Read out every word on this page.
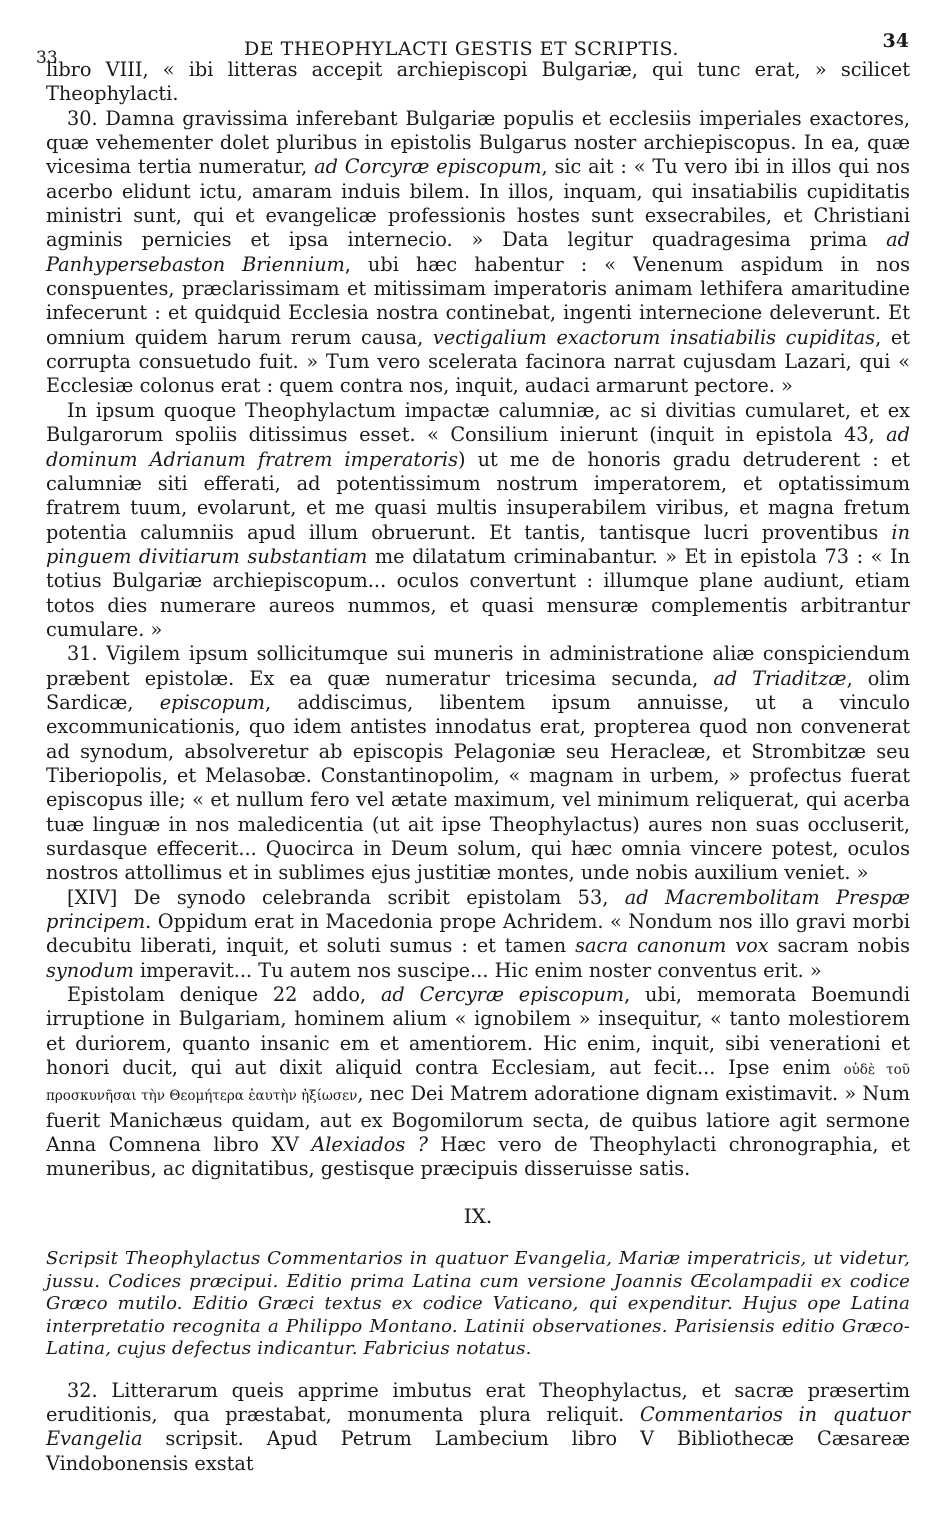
33	DE THEOPHYLACTI GESTIS ET SCRIPTIS.	34

libro VIII, « ibi litteras accepit archiepiscopi Bulgariæ, qui tunc erat, » scilicet Theophylacti.

30. Damna gravissima inferebant Bulgariæ populis et ecclesiis imperiales exactores, quæ vehementer dolet pluribus in epistolis Bulgarus noster archiepiscopus. In ea, quæ vicesima tertia numeratur, ad Corcyræ episcopum, sic ait : « Tu vero ibi in illos qui nos acerbo elidunt ictu, amaram induis bilem. In illos, inquam, qui insatiabilis cupiditatis ministri sunt, qui et evangelicæ professionis hostes sunt exsecrabiles, et Christiani agminis pernicies et ipsa internecio. » Data legitur quadragesima prima ad Panhypersebaston Briennium, ubi hæc habentur : « Venenum aspidum in nos conspuentes, præclarissimam et mitissimam imperatoris animam lethifera amaritudine infecerunt : et quidquid Ecclesia nostra continebat, ingenti internecione deleverunt. Et omnium quidem harum rerum causa, vectigalium exactorum insatiabilis cupiditas, et corrupta consuetudo fuit. » Tum vero scelerata facinora narrat cujusdam Lazari, qui « Ecclesiæ colonus erat : quem contra nos, inquit, audaci armarunt pectore. »

In ipsum quoque Theophylactum impactæ calumniæ, ac si divitias cumularet, et ex Bulgarorum spoliis ditissimus esset. « Consilium inierunt (inquit in epistola 43, ad dominum Adrianum fratrem imperatoris) ut me de honoris gradu detruderent : et calumniæ siti efferati, ad potentissimum nostrum imperatorem, et optatissimum fratrem tuum, evolarunt, et me quasi multis insuperabilem viribus, et magna fretum potentia calumniis apud illum obruerunt. Et tantis, tantisque lucri proventibus in pinguem divitiarum substantiam me dilatatum criminabantur. » Et in epistola 73 : « In totius Bulgariæ archiepiscopum... oculos convertunt : illumque plane audiunt, etiam totos dies numerare aureos nummos, et quasi mensuræ complementis arbitrantur cumulare. »

31. Vigilem ipsum sollicitumque sui muneris in administratione aliæ conspiciendum præbent epistolæ. Ex ea quæ numeratur tricesima secunda, ad Triaditzæ, olim Sardicæ, episcopum, addiscimus, libentem ipsum annuisse, ut a vinculo excommunicationis, quo idem antistes innodatus erat, propterea quod non convenerat ad synodum, absolveretur ab episcopis Pelagoniæ seu Heracleæ, et Strombitzæ seu Tiberiopolis, et Melasobæ. Constantinopolim, « magnam in urbem, » profectus fuerat episcopus ille; « et nullum fero vel ætate maximum, vel minimum reliquerat, qui acerba tuæ linguæ in nos maledicentia (ut ait ipse Theophylactus) aures non suas occluserit, surdasque effecerit... Quocirca in Deum solum, qui hæc omnia vincere potest, oculos nostros attollimus et in sublimes ejus justitiæ montes, unde nobis auxilium veniet. »

[XIV] De synodo celebranda scribit epistolam 53, ad Macrembolitam Prespæ principem. Oppidum erat in Macedonia prope Achridem. « Nondum nos illo gravi morbi decubitu liberati, inquit, et soluti sumus : et tamen sacra canonum vox sacram nobis synodum imperavit... Tu autem nos suscipe... Hic enim noster conventus erit. »

Epistolam denique 22 addo, ad Cercyræ episcopum, ubi, memorata Boemundi irruptione in Bulgariam, hominem alium « ignobilem » insequitur, « tanto molestiorem et duriorem, quanto insanic em et amentiorem. Hic enim, inquit, sibi venerationi et honori ducit, qui aut dixit aliquid contra Ecclesiam, aut fecit... Ipse enim οὐδὲ τοῦ προσκυνῆσαι τὴν Θεομήτερα ἑαυτὴν ἠξίωσεν, nec Dei Matrem adoratione dignam existimavit. » Num fuerit Manichæus quidam, aut ex Bogomilorum secta, de quibus latiore agit sermone Anna Comnena libro XV Alexiados ? Hæc vero de Theophylacti chronographia, et muneribus, ac dignitatibus, gestisque præcipuis disseruisse satis.

IX.

Scripsit Theophylactus Commentarios in quatuor Evangelia, Mariæ imperatricis, ut videtur, jussu. Codices præcipui. Editio prima Latina cum versione Joannis Œcolampadii ex codice Græco mutilo. Editio Græci textus ex codice Vaticano, qui expenditur. Hujus ope Latina interpretatio recognita a Philippo Montano. Latinii observationes. Parisiensis editio Græco-Latina, cujus defectus indicantur. Fabricius notatus.

32. Litterarum queis apprime imbutus erat Theophylactus, et sacræ præsertim eruditionis, qua præstabat, monumenta plura reliquit. Commentarios in quatuor Evangelia scripsit. Apud Petrum Lambecium libro V Bibliothecæ Cæsareæ Vindobonensis exstat
